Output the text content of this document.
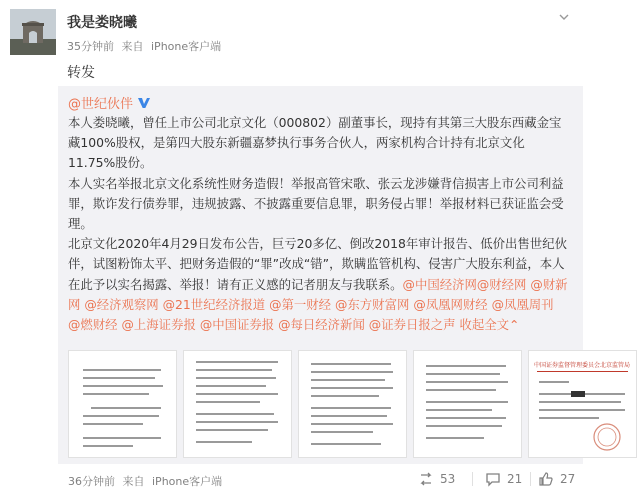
我是娄晓曦
35分钟前 来自 iPhone客户端
转发
@世纪伙伴

本人娄晓曦，曾任上市公司北京文化（000802）副董事长，现持有其第三大股东西藏金宝藏100%股权，是第四大股东新疆嘉梦执行事务合伙人，两家机构合计持有北京文化11.75%股份。

本人实名举报北京文化系统性财务造假！举报高管宋歌、张云龙涉嫌背信损害上市公司利益罪，欺诈发行债券罪，违规披露、不披露重要信息罪，职务侵占罪！举报材料已获证监会受理。

北京文化2020年4月29日发布公告，巨亏20多亿、倒改2018年审计报告、低价出售世纪伙伴，试图粉饰太平、把财务造假的“罪”改成“错”，欺瞒监管机构、侵害广大股东利益，本人在此予以实名揭露、举报！请有正义感的记者朋友与我联系。@中国经济网@财经网 @财新网 @经济观察网 @21世纪经济报道 @第一财经 @东方财富网 @凤凰网财经 @凤凰周刊 @燃财经 @上海证券报 @中国证券报 @每日经济新闻 @证券日报之声 收起全文⌃

中国证券监督管理委员会北京监管局
36分钟前 来自 iPhone客户端	53	21	27
